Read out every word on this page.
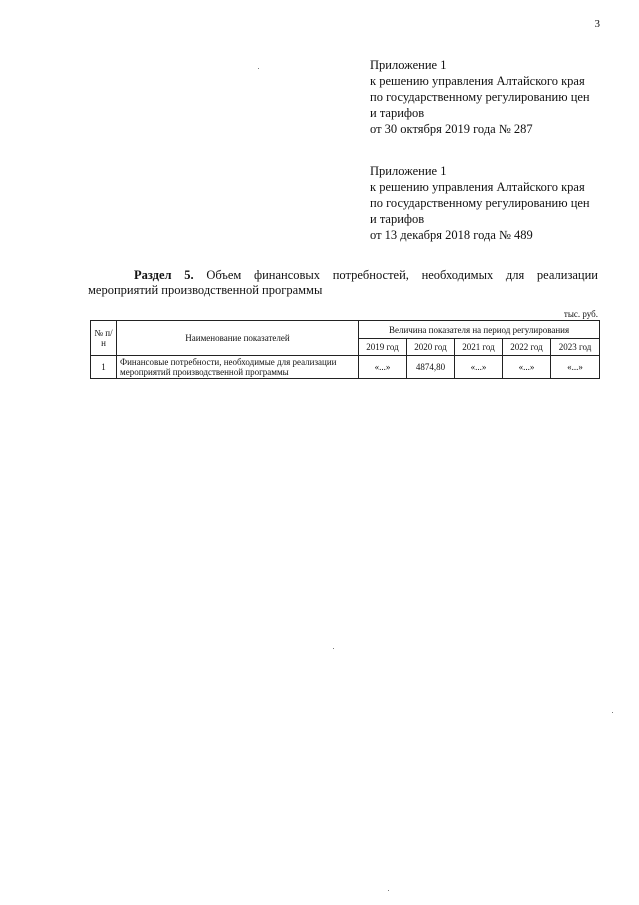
3
Приложение 1
к решению управления Алтайского края
по государственному регулированию цен
и тарифов
от 30 октября 2019 года № 287
Приложение 1
к решению управления Алтайского края
по государственному регулированию цен
и тарифов
от 13 декабря 2018 года № 489
Раздел 5. Объем финансовых потребностей, необходимых для реализации
мероприятий производственной программы
тыс. руб.
№ п/н	Наименование показателей	Величина показателя на период регулирования				
		2019 год	2020 год	2021 год	2022 год	2023 год
1	Финансовые потребности, необходимые для реализации мероприятий производственной программы	«...»	4874,80	«...»	«...»	«...»
